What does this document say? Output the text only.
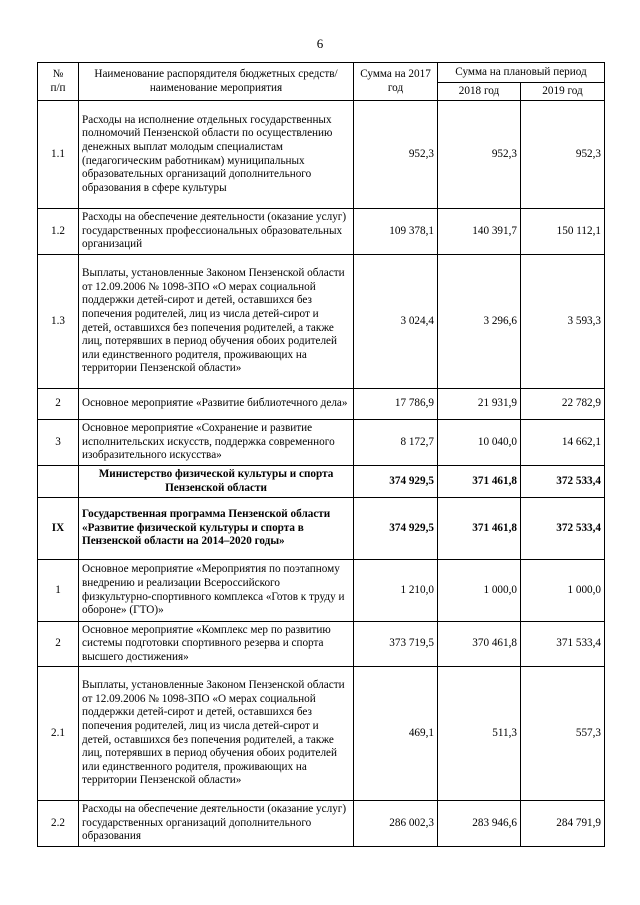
6
№
п/п	Наименование распорядителя бюджетных средств/наименование мероприятия	Сумма на 2017 год	Сумма на плановый период	
			2018 год	2019 год
1.1	Расходы на исполнение отдельных государственных полномочий Пензенской области по осуществлению денежных выплат молодым специалистам (педагогическим работникам) муниципальных образовательных организаций дополнительного образования в сфере культуры	952,3	952,3	952,3
1.2	Расходы на обеспечение деятельности (оказание услуг) государственных профессиональных образовательных организаций	109 378,1	140 391,7	150 112,1
1.3	Выплаты, установленные Законом Пензенской области от 12.09.2006 № 1098-ЗПО «О мерах социальной поддержки детей-сирот и детей, оставшихся без попечения родителей, лиц из числа детей-сирот и детей, оставшихся без попечения родителей, а также лиц, потерявших в период обучения обоих родителей или единственного родителя, проживающих на территории Пензенской области»	3 024,4	3 296,6	3 593,3
2	Основное мероприятие «Развитие библиотечного дела»	17 786,9	21 931,9	22 782,9
3	Основное мероприятие «Сохранение и развитие исполнительских искусств, поддержка современного изобразительного искусства»	8 172,7	10 040,0	14 662,1
	Министерство физической культуры и спорта Пензенской области	374 929,5	371 461,8	372 533,4
IX	Государственная программа Пензенской области «Развитие физической культуры и спорта в Пензенской области на 2014–2020 годы»	374 929,5	371 461,8	372 533,4
1	Основное мероприятие «Мероприятия по поэтапному внедрению и реализации Всероссийского физкультурно-спортивного комплекса «Готов к труду и обороне» (ГТО)»	1 210,0	1 000,0	1 000,0
2	Основное мероприятие «Комплекс мер по развитию системы подготовки спортивного резерва и спорта высшего достижения»	373 719,5	370 461,8	371 533,4
2.1	Выплаты, установленные Законом Пензенской области от 12.09.2006 № 1098-ЗПО «О мерах социальной поддержки детей-сирот и детей, оставшихся без попечения родителей, лиц из числа детей-сирот и детей, оставшихся без попечения родителей, а также лиц, потерявших в период обучения обоих родителей или единственного родителя, проживающих на территории Пензенской области»	469,1	511,3	557,3
2.2	Расходы на обеспечение деятельности (оказание услуг) государственных организаций дополнительного образования	286 002,3	283 946,6	284 791,9
